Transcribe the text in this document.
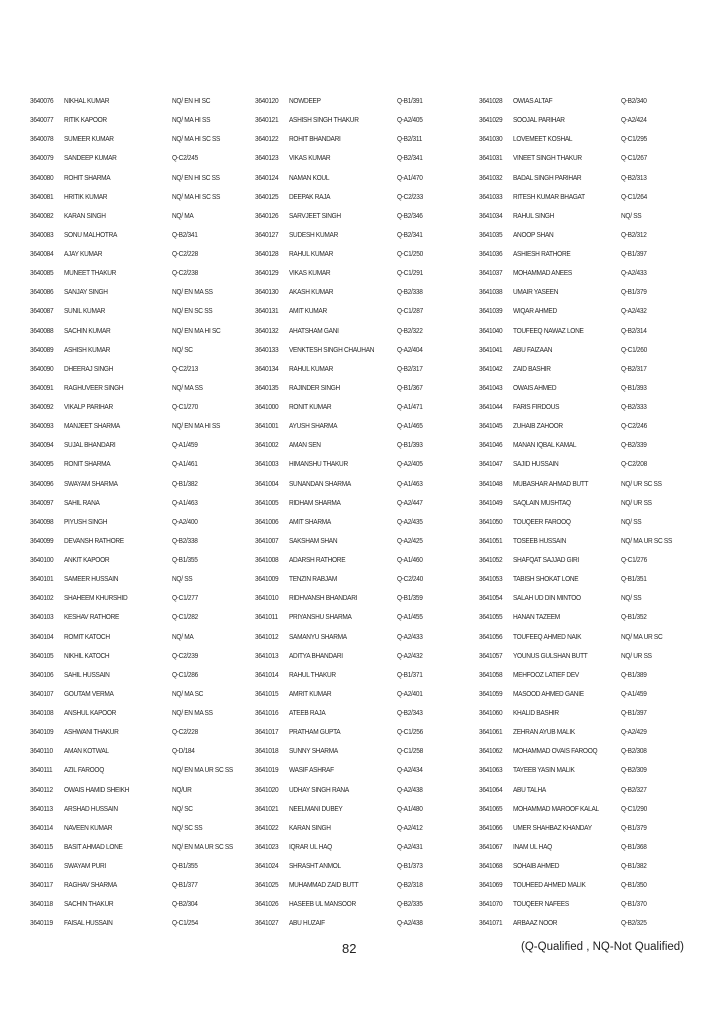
3640076 NIKHAL KUMAR	NQ/ EN HI SC
3640077 RITIK KAPOOR	NQ/ MA HI SS
3640078 SUMEER KUMAR	NQ/ MA HI SC SS
3640079 SANDEEP KUMAR	Q-C2/245
3640080 ROHIT SHARMA	NQ/ EN HI SC SS
3640081 HRITIK KUMAR	NQ/ MA HI SC SS
3640082 KARAN SINGH	NQ/ MA
3640083 SONU MALHOTRA	Q-B2/341
3640084 AJAY KUMAR	Q-C2/228
3640085 MUNEET THAKUR	Q-C2/238
3640086 SANJAY SINGH	NQ/ EN MA SS
3640087 SUNIL KUMAR	NQ/ EN SC SS
3640088 SACHIN KUMAR	NQ/ EN MA HI SC
3640089 ASHISH KUMAR	NQ/ SC
3640090 DHEERAJ SINGH	Q-C2/213
3640091 RAGHUVEER SINGH	NQ/ MA SS
3640092 VIKALP PARIHAR	Q-C1/270
3640093 MANJEET SHARMA	NQ/ EN MA HI SS
3640094 SUJAL BHANDARI	Q-A1/459
3640095 RONIT SHARMA	Q-A1/461
3640096 SWAYAM SHARMA	Q-B1/382
3640097 SAHIL RANA	Q-A1/463
3640098 PIYUSH SINGH	Q-A2/400
3640099 DEVANSH RATHORE	Q-B2/338
3640100 ANKIT KAPOOR	Q-B1/355
3640101 SAMEER HUSSAIN	NQ/ SS
3640102 SHAHEEM KHURSHID	Q-C1/277
3640103 KESHAV RATHORE	Q-C1/282
3640104 ROMIT KATOCH	NQ/ MA
3640105 NIKHIL KATOCH	Q-C2/239
3640106 SAHIL HUSSAIN	Q-C1/286
3640107 GOUTAM VERMA	NQ/ MA SC
3640108 ANSHUL KAPOOR	NQ/ EN MA SS
3640109 ASHWANI THAKUR	Q-C2/228
3640110 AMAN KOTWAL	Q-D/184
3640111 AZIL FAROOQ	NQ/ EN MA UR SC SS
3640112 OWAIS HAMID SHEIKH	NQ/UR
3640113 ARSHAD HUSSAIN	NQ/ SC
3640114 NAVEEN KUMAR	NQ/ SC SS
3640115 BASIT AHMAD LONE	NQ/ EN MA UR SC SS
3640116 SWAYAM PURI	Q-B1/355
3640117 RAGHAV SHARMA	Q-B1/377
3640118 SACHIN THAKUR	Q-B2/304
3640119 FAISAL HUSSAIN	Q-C1/254
3640120 NOWDEEP	Q-B1/391
3640121 ASHISH SINGH THAKUR	Q-A2/405
3640122 ROHIT BHANDARI	Q-B2/311
3640123 VIKAS KUMAR	Q-B2/341
3640124 NAMAN KOUL	Q-A1/470
3640125 DEEPAK RAJA	Q-C2/233
3640126 SARVJEET SINGH	Q-B2/346
3640127 SUDESH KUMAR	Q-B2/341
3640128 RAHUL KUMAR	Q-C1/250
3640129 VIKAS KUMAR	Q-C1/291
3640130 AKASH KUMAR	Q-B2/338
3640131 AMIT KUMAR	Q-C1/287
3640132 AHATSHAM GANI	Q-B2/322
3640133 VENKTESH SINGH CHAUHAN	Q-A2/404
3640134 RAHUL KUMAR	Q-B2/317
3640135 RAJINDER SINGH	Q-B1/367
3641000 RONIT KUMAR	Q-A1/471
3641001 AYUSH SHARMA	Q-A1/465
3641002 AMAN SEN	Q-B1/393
3641003 HIMANSHU THAKUR	Q-A2/405
3641004 SUNANDAN SHARMA	Q-A1/463
3641005 RIDHAM SHARMA	Q-A2/447
3641006 AMIT SHARMA	Q-A2/435
3641007 SAKSHAM SHAN	Q-A2/425
3641008 ADARSH RATHORE	Q-A1/460
3641009 TENZIN RABJAM	Q-C2/240
3641010 RIDHVANSH BHANDARI	Q-B1/359
3641011 PRIYANSHU SHARMA	Q-A1/455
3641012 SAMANYU SHARMA	Q-A2/433
3641013 ADITYA BHANDARI	Q-A2/432
3641014 RAHUL THAKUR	Q-B1/371
3641015 AMRIT KUMAR	Q-A2/401
3641016 ATEEB RAJA	Q-B2/343
3641017 PRATHAM GUPTA	Q-C1/256
3641018 SUNNY SHARMA	Q-C1/258
3641019 WASIF ASHRAF	Q-A2/434
3641020 UDHAY SINGH RANA	Q-A2/438
3641021 NEELMANI DUBEY	Q-A1/480
3641022 KARAN SINGH	Q-A2/412
3641023 IQRAR UL HAQ	Q-A2/431
3641024 SHRASHT ANMOL	Q-B1/373
3641025 MUHAMMAD ZAID BUTT	Q-B2/318
3641026 HASEEB UL MANSOOR	Q-B2/335
3641027 ABU HUZAIF	Q-A2/438
3641028 OWIAS ALTAF	Q-B2/340
3641029 SOOJAL PARIHAR	Q-A2/424
3641030 LOVEMEET KOSHAL	Q-C1/295
3641031 VINEET SINGH THAKUR	Q-C1/267
3641032 BADAL SINGH PARIHAR	Q-B2/313
3641033 RITESH KUMAR BHAGAT	Q-C1/264
3641034 RAHUL SINGH	NQ/ SS
3641035 ANOOP SHAN	Q-B2/312
3641036 ASHIESH RATHORE	Q-B1/397
3641037 MOHAMMAD ANEES	Q-A2/433
3641038 UMAIR YASEEN	Q-B1/379
3641039 WIQAR AHMED	Q-A2/432
3641040 TOUFEEQ NAWAZ LONE	Q-B2/314
3641041 ABU FAIZAAN	Q-C1/260
3641042 ZAID BASHIR	Q-B2/317
3641043 OWAIS AHMED	Q-B1/393
3641044 FARIS FIRDOUS	Q-B2/333
3641045 ZUHAIB ZAHOOR	Q-C2/246
3641046 MANAN IQBAL KAMAL	Q-B2/339
3641047 SAJID HUSSAIN	Q-C2/208
3641048 MUBASHAR AHMAD BUTT	NQ/ UR SC SS
3641049 SAQLAIN MUSHTAQ	NQ/ UR SS
3641050 TOUQEER FAROOQ	NQ/ SS
3641051 TOSEEB HUSSAIN	NQ/ MA UR SC SS
3641052 SHAFQAT SAJJAD GIRI	Q-C1/276
3641053 TABISH SHOKAT LONE	Q-B1/351
3641054 SALAH UD DIN MINTOO	NQ/ SS
3641055 HANAN TAZEEM	Q-B1/352
3641056 TOUFEEQ AHMED NAIK	NQ/ MA UR SC
3641057 YOUNUS GULSHAN BUTT	NQ/ UR SS
3641058 MEHFOOZ LATIEF DEV	Q-B1/389
3641059 MASOOD AHMED GANIE	Q-A1/459
3641060 KHALID BASHIR	Q-B1/397
3641061 ZEHRAN AYUB MALIK	Q-A2/429
3641062 MOHAMMAD OVAIS FAROOQ	Q-B2/308
3641063 TAYEEB YASIN MALIK	Q-B2/309
3641064 ABU TALHA	Q-B2/327
3641065 MOHAMMAD MAROOF KALAL	Q-C1/290
3641066 UMER SHAHBAZ KHANDAY	Q-B1/379
3641067 INAM UL HAQ	Q-B1/368
3641068 SOHAIB AHMED	Q-B1/382
3641069 TOUHEED AHMED MALIK	Q-B1/350
3641070 TOUQEER NAFEES	Q-B1/370
3641071 ARBAAZ NOOR	Q-B2/325
82	(Q-Qualified , NQ-Not Qualified)
